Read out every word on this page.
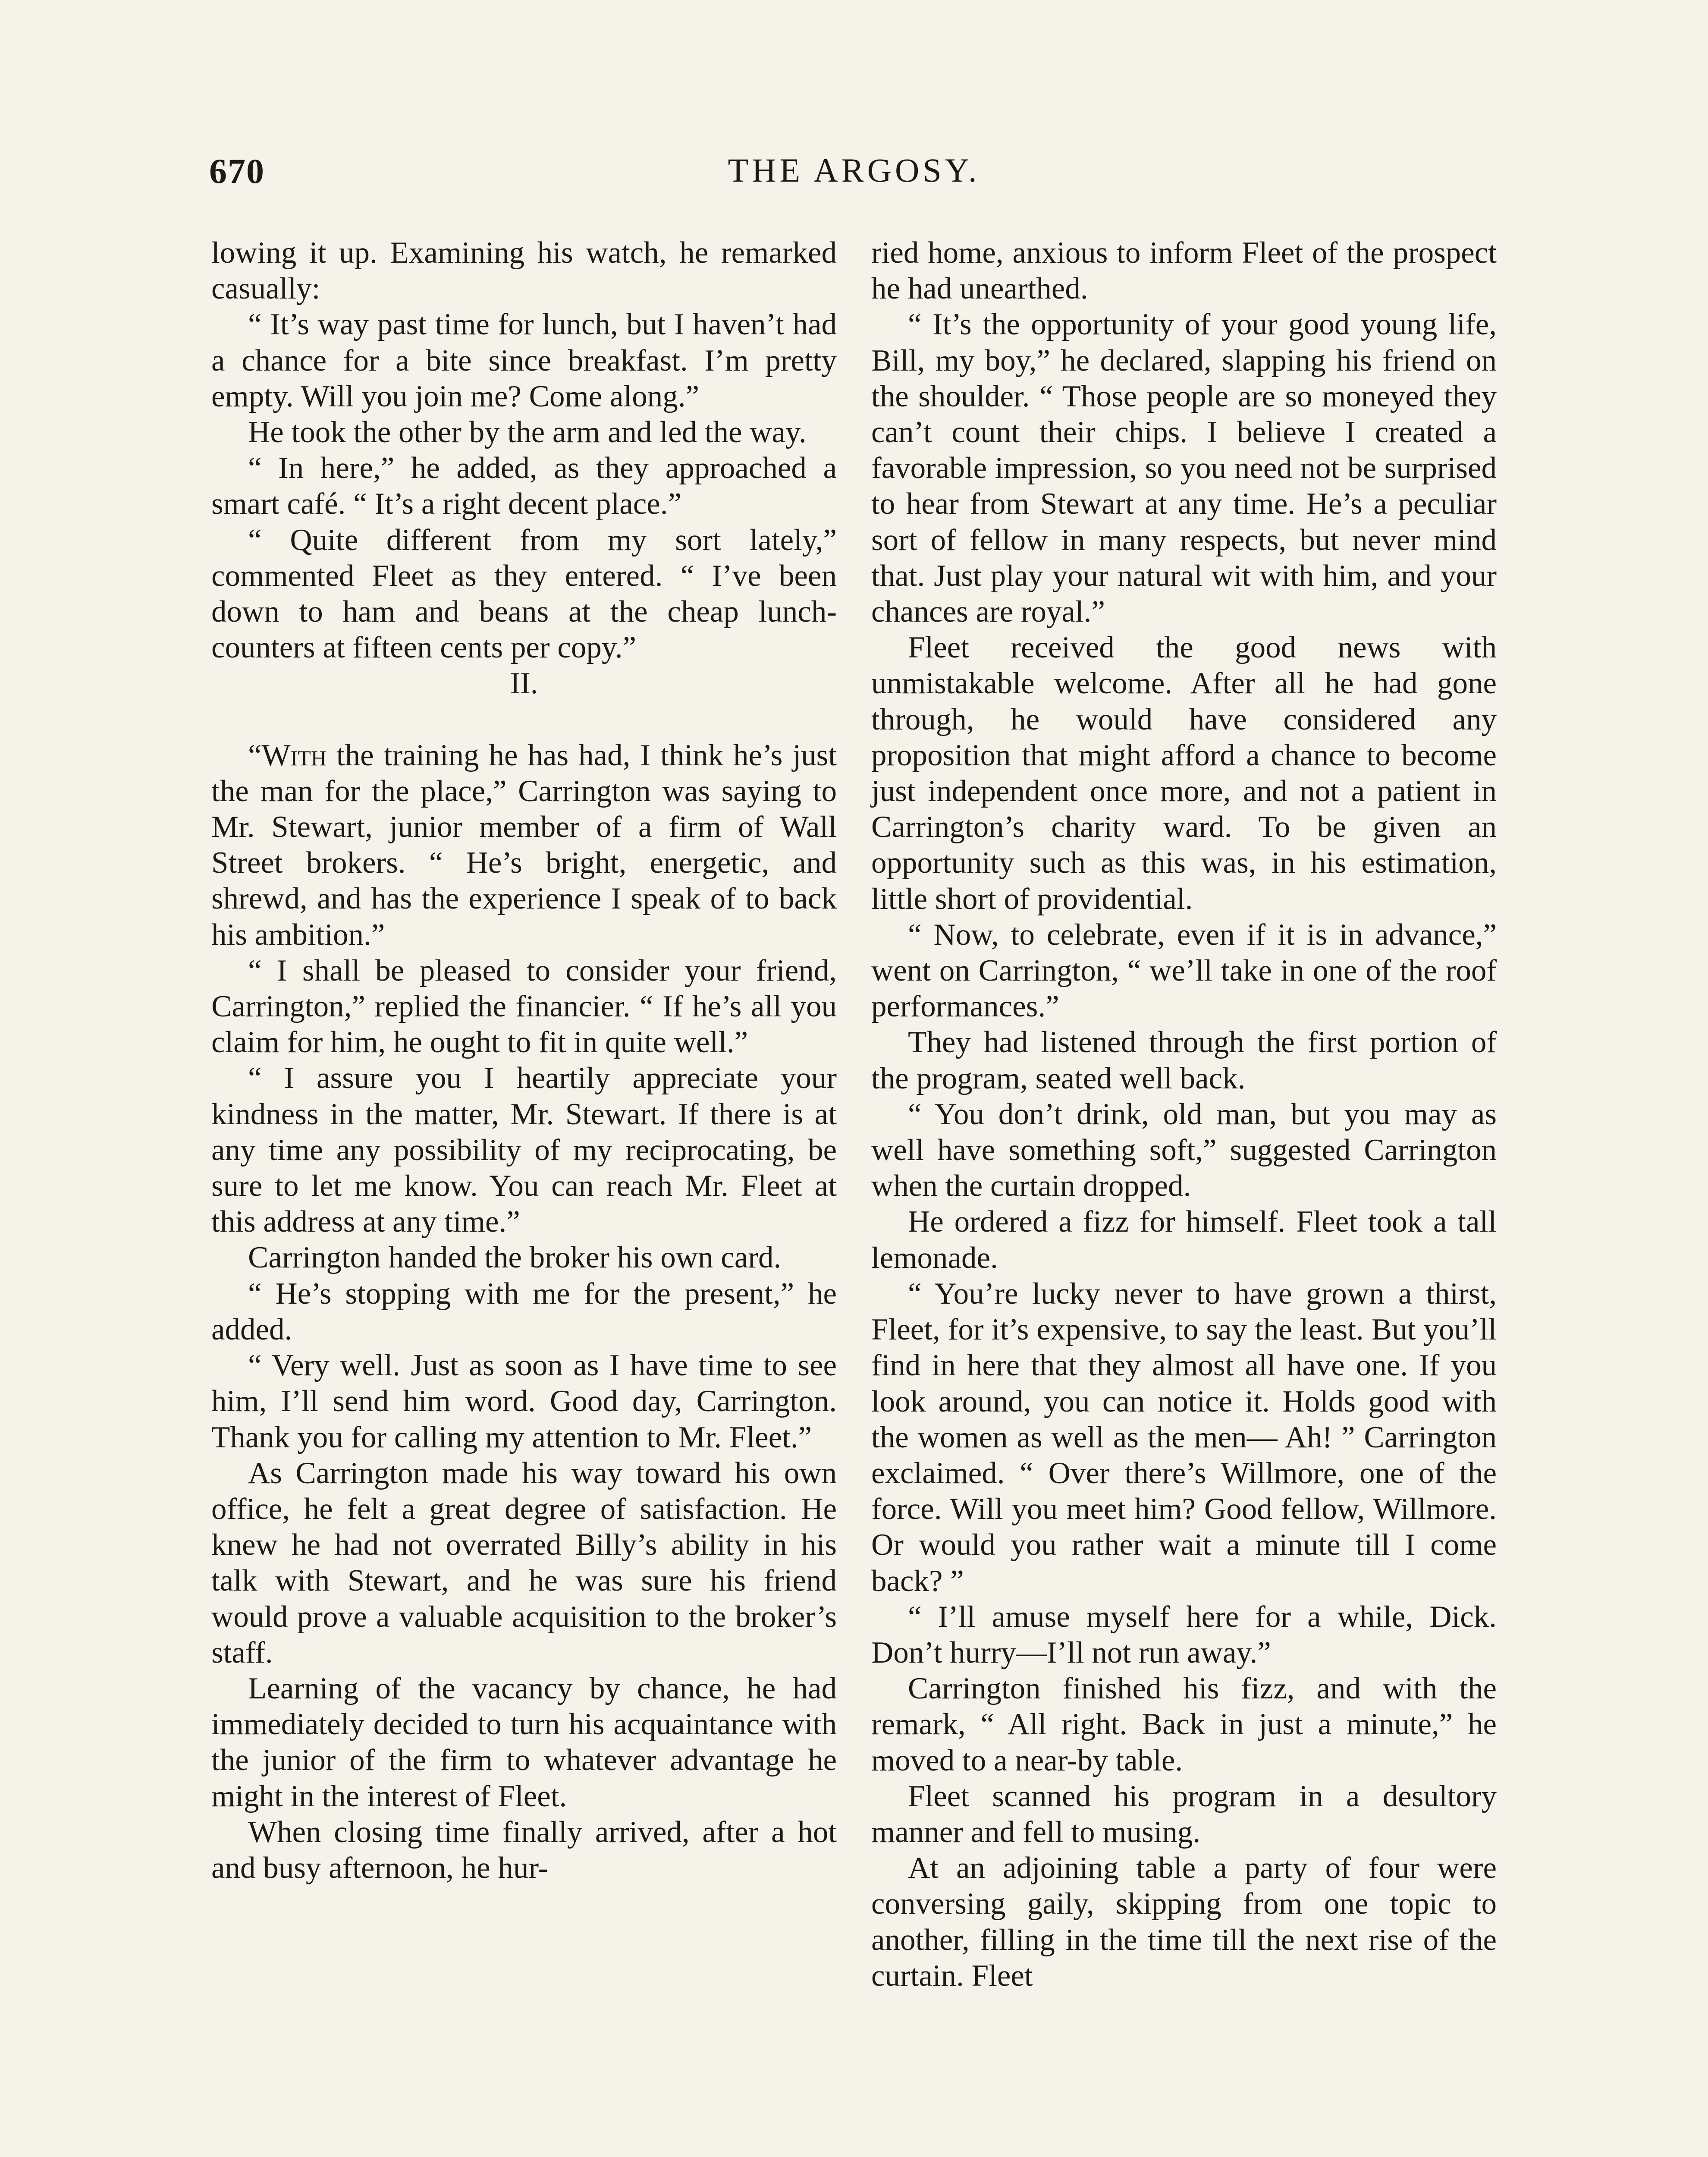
670	THE ARGOSY.

lowing it up. Examining his watch, he remarked casually:

“ It’s way past time for lunch, but I haven’t had a chance for a bite since breakfast. I’m pretty empty. Will you join me? Come along.”

He took the other by the arm and led the way.

“ In here,” he added, as they approached a smart café. “ It’s a right decent place.”

“ Quite different from my sort lately,” commented Fleet as they entered. “ I’ve been down to ham and beans at the cheap lunch-counters at fifteen cents per copy.”

II.

“With the training he has had, I think he’s just the man for the place,” Carrington was saying to Mr. Stewart, junior member of a firm of Wall Street brokers. “ He’s bright, energetic, and shrewd, and has the experience I speak of to back his ambition.”

“ I shall be pleased to consider your friend, Carrington,” replied the financier. “ If he’s all you claim for him, he ought to fit in quite well.”

“ I assure you I heartily appreciate your kindness in the matter, Mr. Stewart. If there is at any time any possibility of my reciprocating, be sure to let me know. You can reach Mr. Fleet at this address at any time.”

Carrington handed the broker his own card.

“ He’s stopping with me for the present,” he added.

“ Very well. Just as soon as I have time to see him, I’ll send him word. Good day, Carrington. Thank you for calling my attention to Mr. Fleet.”

As Carrington made his way toward his own office, he felt a great degree of satisfaction. He knew he had not overrated Billy’s ability in his talk with Stewart, and he was sure his friend would prove a valuable acquisition to the broker’s staff.

Learning of the vacancy by chance, he had immediately decided to turn his acquaintance with the junior of the firm to whatever advantage he might in the interest of Fleet.

When closing time finally arrived, after a hot and busy afternoon, he hur-

ried home, anxious to inform Fleet of the prospect he had unearthed.

“ It’s the opportunity of your good young life, Bill, my boy,” he declared, slapping his friend on the shoulder. “ Those people are so moneyed they can’t count their chips. I believe I created a favorable impression, so you need not be surprised to hear from Stewart at any time. He’s a peculiar sort of fellow in many respects, but never mind that. Just play your natural wit with him, and your chances are royal.”

Fleet received the good news with unmistakable welcome. After all he had gone through, he would have considered any proposition that might afford a chance to become just independent once more, and not a patient in Carrington’s charity ward. To be given an opportunity such as this was, in his estimation, little short of providential.

“ Now, to celebrate, even if it is in advance,” went on Carrington, “ we’ll take in one of the roof performances.”

They had listened through the first portion of the program, seated well back.

“ You don’t drink, old man, but you may as well have something soft,” suggested Carrington when the curtain dropped.

He ordered a fizz for himself. Fleet took a tall lemonade.

“ You’re lucky never to have grown a thirst, Fleet, for it’s expensive, to say the least. But you’ll find in here that they almost all have one. If you look around, you can notice it. Holds good with the women as well as the men— Ah! ” Carrington exclaimed. “ Over there’s Willmore, one of the force. Will you meet him? Good fellow, Willmore. Or would you rather wait a minute till I come back? ”

“ I’ll amuse myself here for a while, Dick. Don’t hurry—I’ll not run away.”

Carrington finished his fizz, and with the remark, “ All right. Back in just a minute,” he moved to a near-by table.

Fleet scanned his program in a desultory manner and fell to musing.

At an adjoining table a party of four were conversing gaily, skipping from one topic to another, filling in the time till the next rise of the curtain. Fleet
